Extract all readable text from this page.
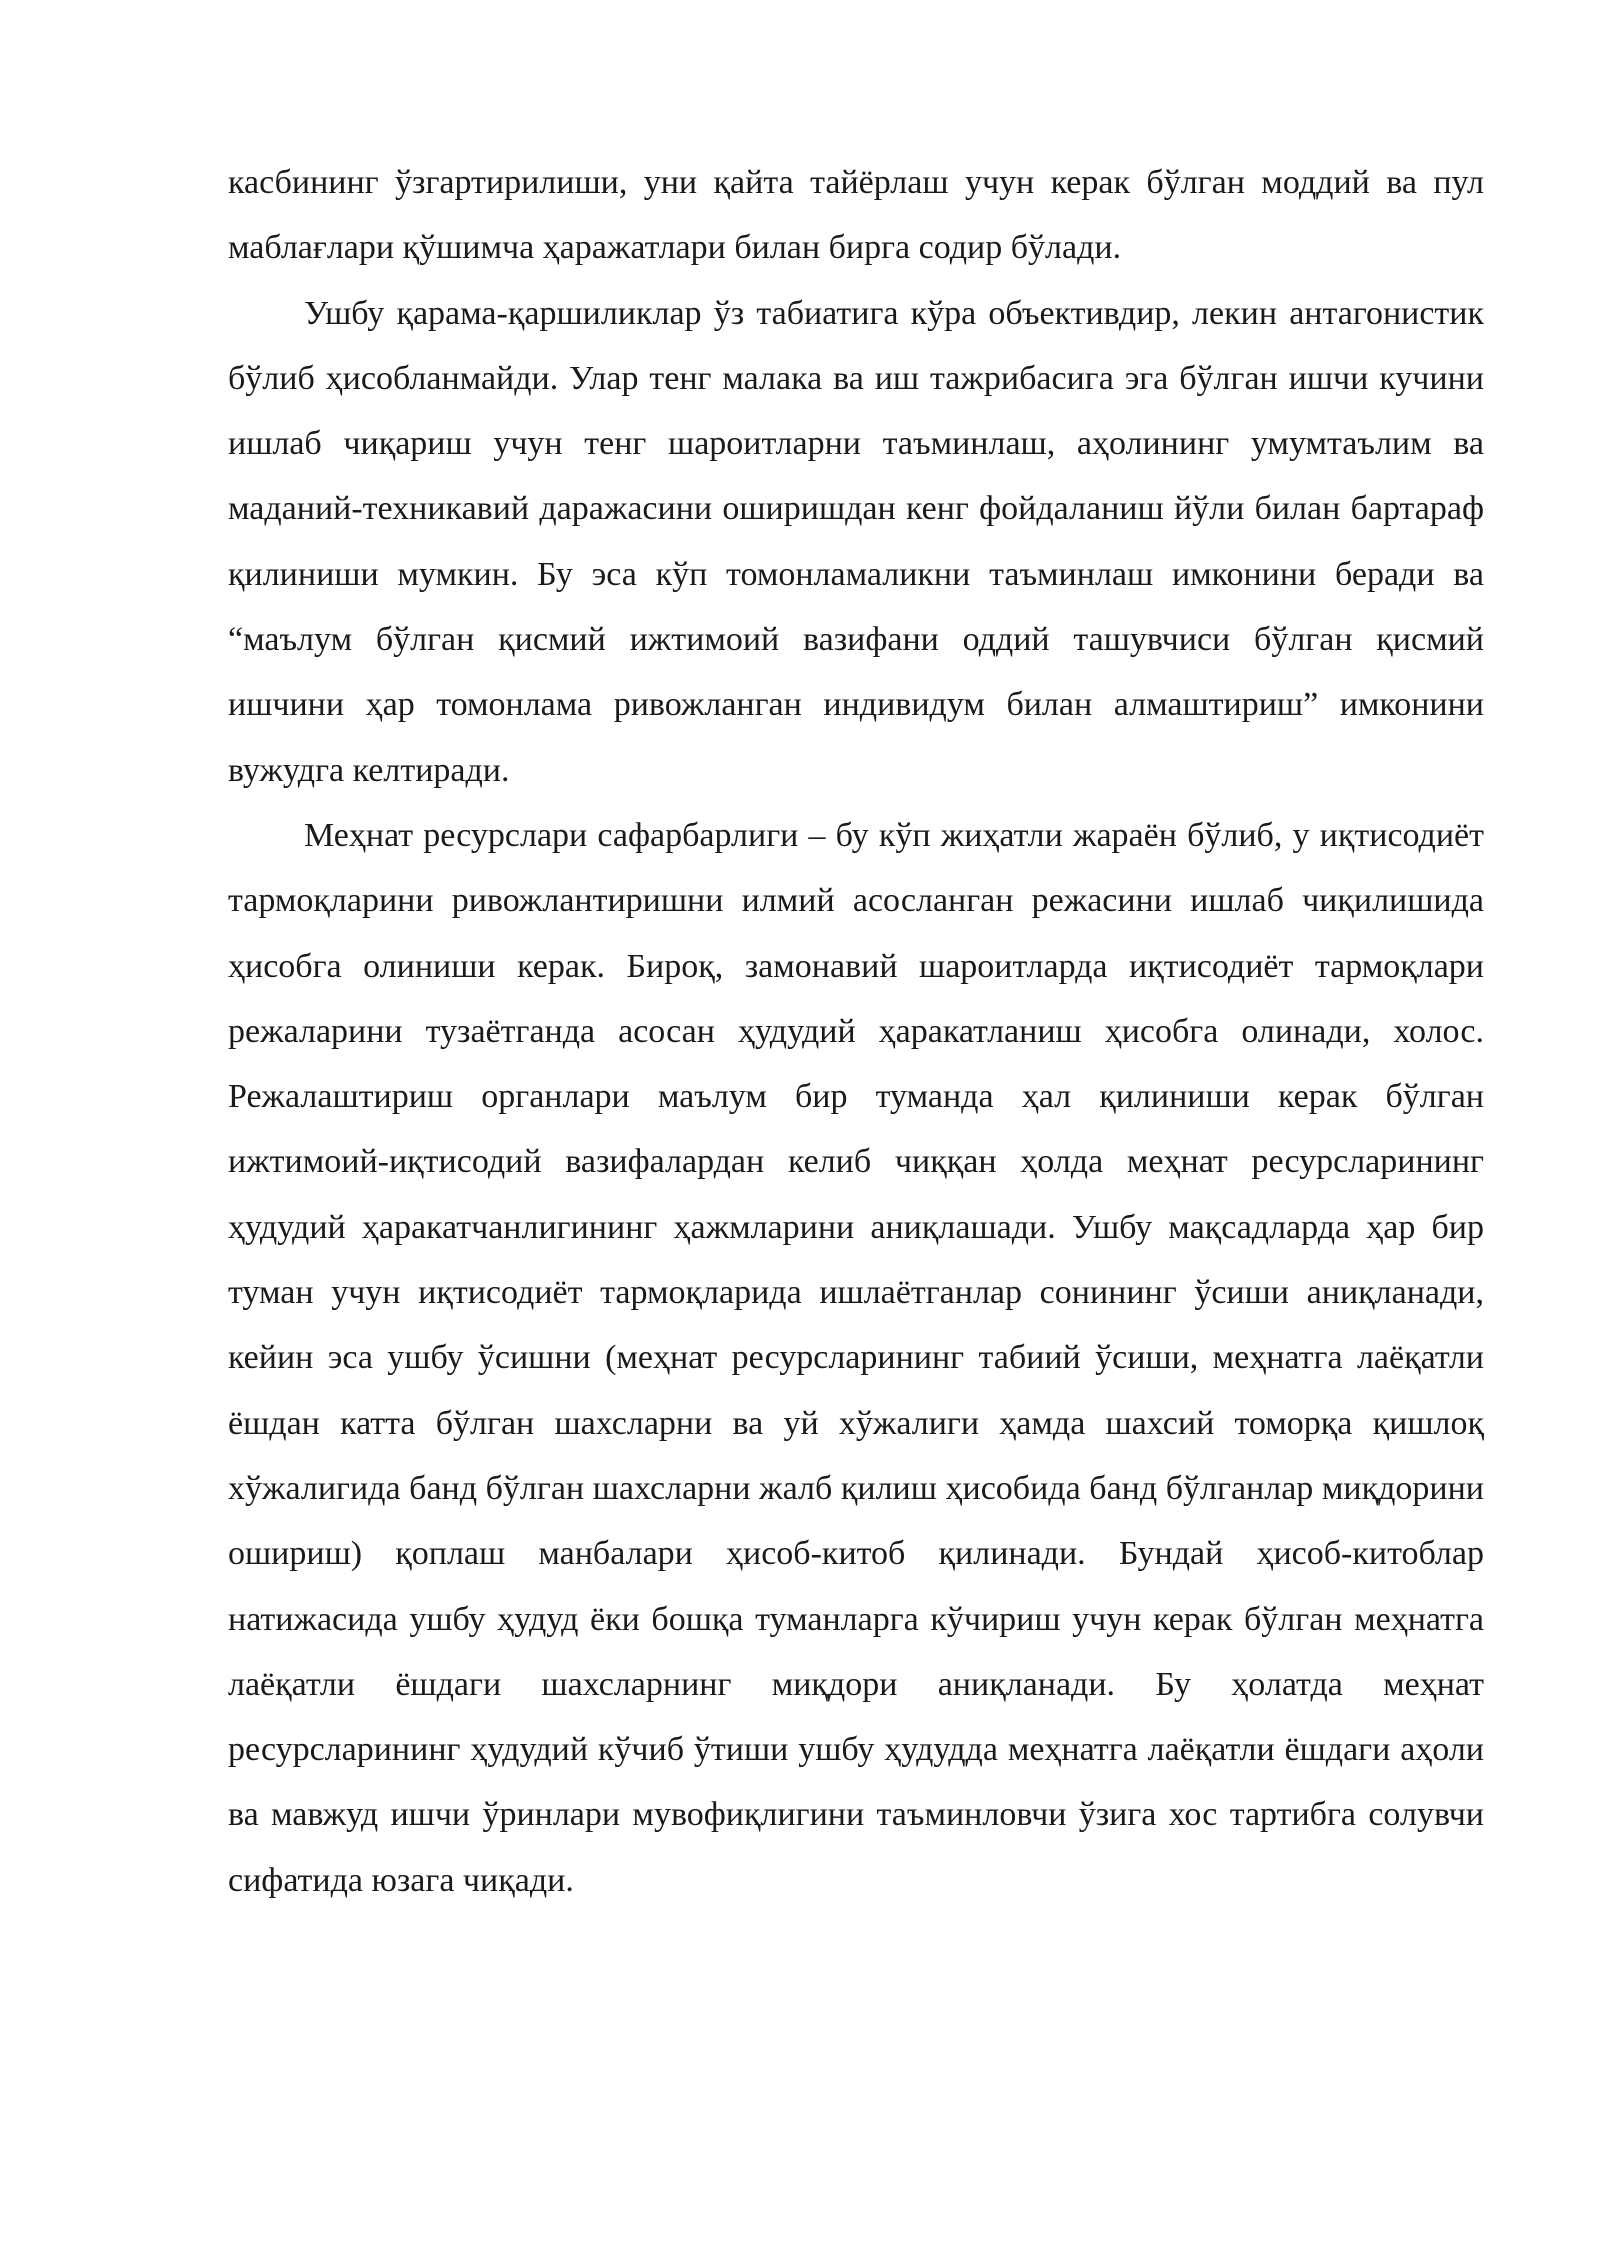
касбининг ўзгартирилиши, уни қайта тайёрлаш учун керак бўлган моддий ва пул маблағлари қўшимча ҳаражатлари билан бирга содир бўлади.

Ушбу қарама-қаршиликлар ўз табиатига кўра объективдир, лекин антагонистик бўлиб ҳисобланмайди. Улар тенг малака ва иш тажрибасига эга бўлган ишчи кучини ишлаб чиқариш учун тенг шароитларни таъминлаш, аҳолининг умумтаълим ва маданий-техникавий даражасини оширишдан кенг фойдаланиш йўли билан бартараф қилиниши мумкин. Бу эса кўп томонламаликни таъминлаш имконини беради ва “маълум бўлган қисмий ижтимоий вазифани оддий ташувчиси бўлган қисмий ишчини ҳар томонлама ривожланган индивидум билан алмаштириш” имконини вужудга келтиради.

Меҳнат ресурслари сафарбарлиги – бу кўп жиҳатли жараён бўлиб, у иқтисодиёт тармоқларини ривожлантиришни илмий асосланган режасини ишлаб чиқилишида ҳисобга олиниши керак. Бироқ, замонавий шароитларда иқтисодиёт тармоқлари режаларини тузаётганда асосан ҳудудий ҳаракатланиш ҳисобга олинади, холос. Режалаштириш органлари маълум бир туманда ҳал қилиниши керак бўлган ижтимоий-иқтисодий вазифалардан келиб чиққан ҳолда меҳнат ресурсларининг ҳудудий ҳаракатчанлигининг ҳажмларини аниқлашади. Ушбу мақсадларда ҳар бир туман учун иқтисодиёт тармоқларида ишлаётганлар сонининг ўсиши аниқланади, кейин эса ушбу ўсишни (меҳнат ресурсларининг табиий ўсиши, меҳнатга лаёқатли ёшдан катта бўлган шахсларни ва уй хўжалиги ҳамда шахсий томорқа қишлоқ хўжалигида банд бўлган шахсларни жалб қилиш ҳисобида банд бўлганлар миқдорини ошириш) қоплаш манбалари ҳисоб-китоб қилинади. Бундай ҳисоб-китоблар натижасида ушбу ҳудуд ёки бошқа туманларга кўчириш учун керак бўлган меҳнатга лаёқатли ёшдаги шахсларнинг миқдори аниқланади. Бу ҳолатда меҳнат ресурсларининг ҳудудий кўчиб ўтиши ушбу ҳудудда меҳнатга лаёқатли ёшдаги аҳоли ва мавжуд ишчи ўринлари мувофиқлигини таъминловчи ўзига хос тартибга солувчи сифатида юзага чиқади.
